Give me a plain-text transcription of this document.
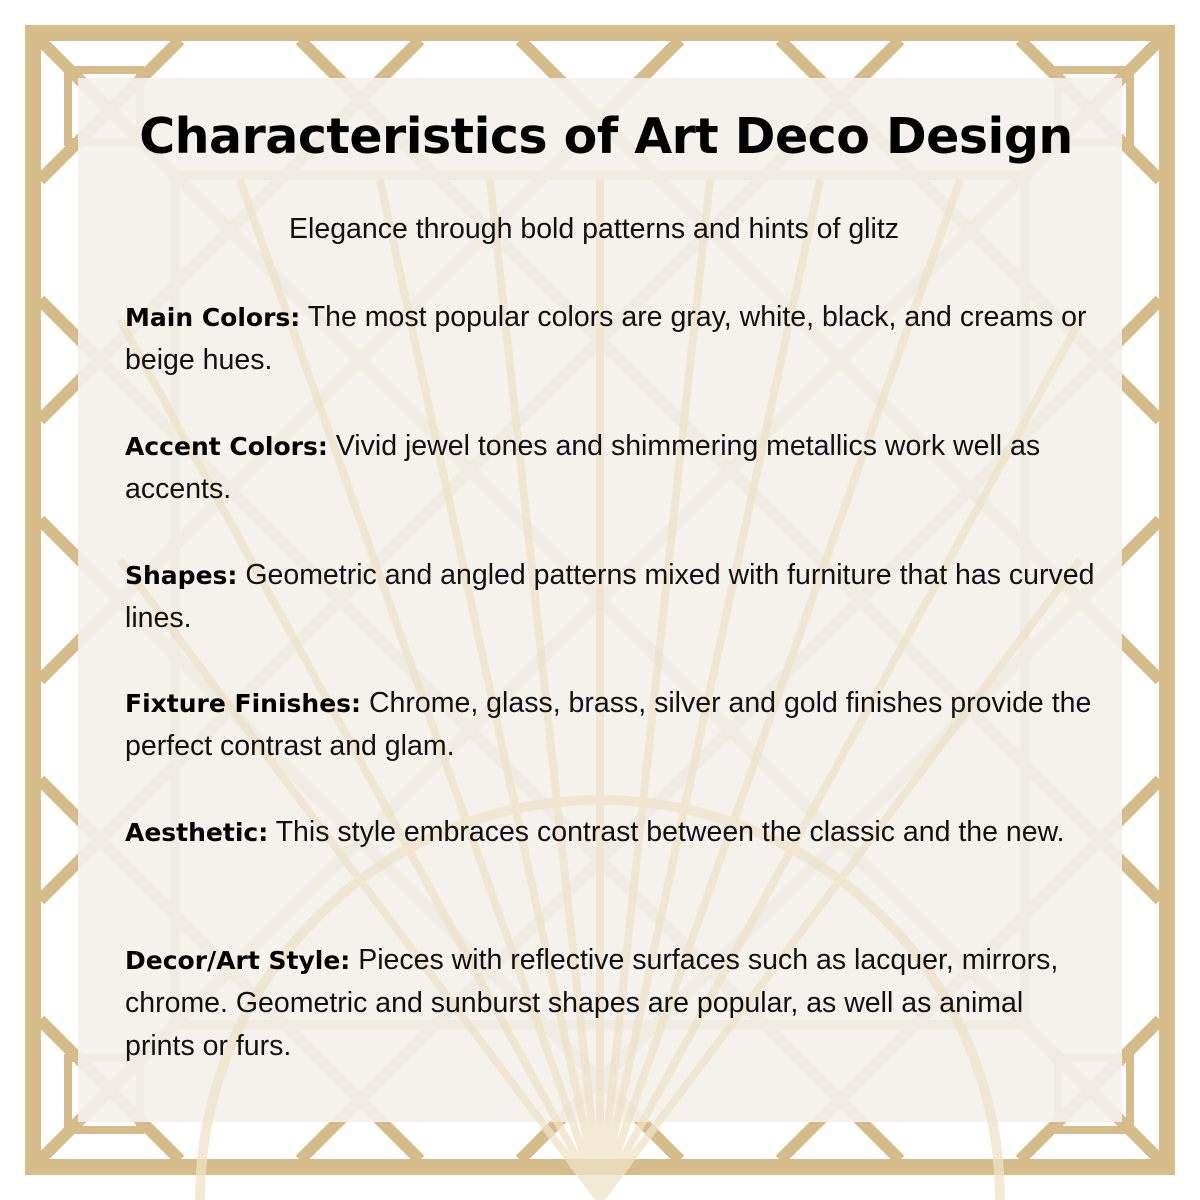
Characteristics of Art Deco Design

Elegance through bold patterns and hints of glitz

Main Colors: The most popular colors are gray, white, black, and creams or beige hues.

Accent Colors: Vivid jewel tones and shimmering metallics work well as accents.

Shapes: Geometric and angled patterns mixed with furniture that has curved lines.

Fixture Finishes: Chrome, glass, brass, silver and gold finishes provide the perfect contrast and glam.

Aesthetic: This style embraces contrast between the classic and the new.

Decor/Art Style: Pieces with reflective surfaces such as lacquer, mirrors, chrome. Geometric and sunburst shapes are popular, as well as animal prints or furs.
